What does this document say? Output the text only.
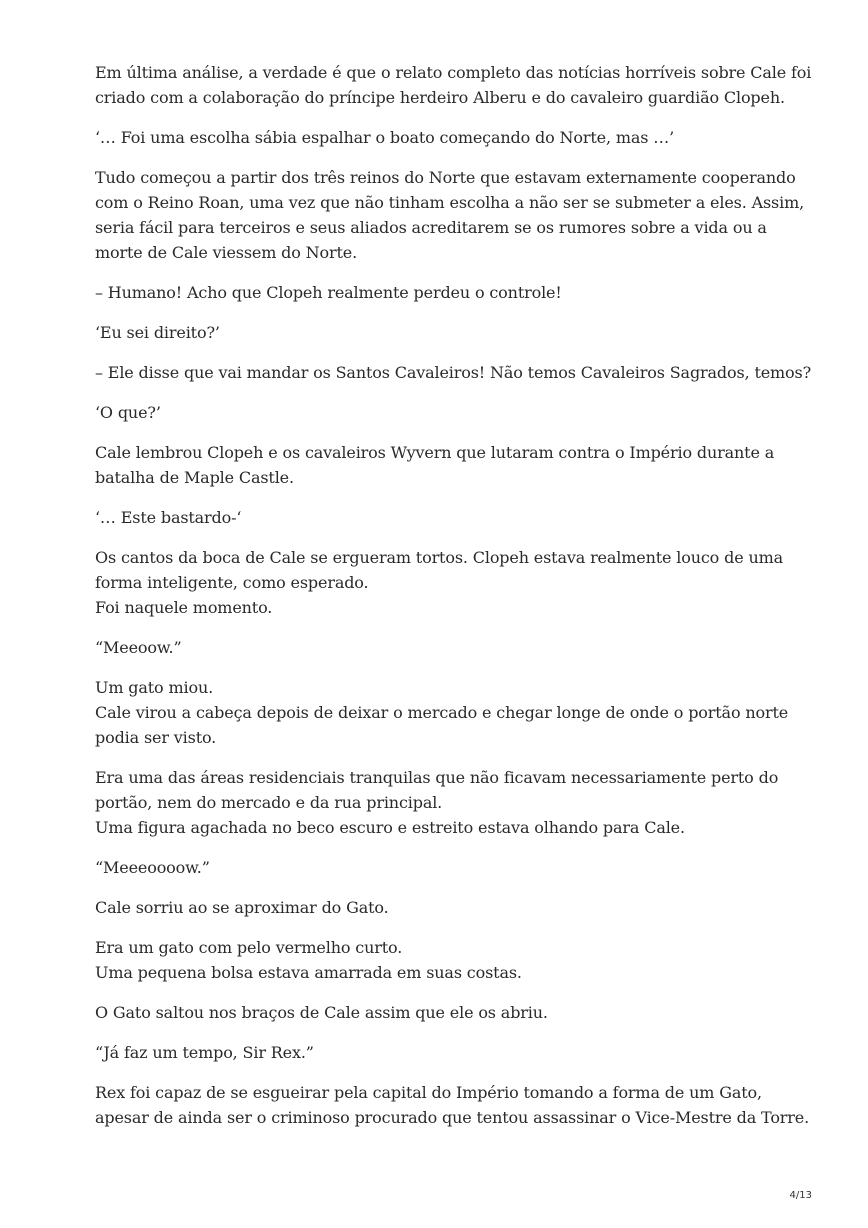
Em última análise, a verdade é que o relato completo das notícias horríveis sobre Cale foi
criado com a colaboração do príncipe herdeiro Alberu e do cavaleiro guardião Clopeh.

‘… Foi uma escolha sábia espalhar o boato começando do Norte, mas …’

Tudo começou a partir dos três reinos do Norte que estavam externamente cooperando
com o Reino Roan, uma vez que não tinham escolha a não ser se submeter a eles. Assim,
seria fácil para terceiros e seus aliados acreditarem se os rumores sobre a vida ou a
morte de Cale viessem do Norte.

– Humano! Acho que Clopeh realmente perdeu o controle!

‘Eu sei direito?’

– Ele disse que vai mandar os Santos Cavaleiros! Não temos Cavaleiros Sagrados, temos?

‘O que?’

Cale lembrou Clopeh e os cavaleiros Wyvern que lutaram contra o Império durante a
batalha de Maple Castle.

‘… Este bastardo-‘

Os cantos da boca de Cale se ergueram tortos. Clopeh estava realmente louco de uma
forma inteligente, como esperado.
Foi naquele momento.

“Meeoow.”

Um gato miou.
Cale virou a cabeça depois de deixar o mercado e chegar longe de onde o portão norte
podia ser visto.

Era uma das áreas residenciais tranquilas que não ficavam necessariamente perto do
portão, nem do mercado e da rua principal.
Uma figura agachada no beco escuro e estreito estava olhando para Cale.

“Meeeoooow.”

Cale sorriu ao se aproximar do Gato.

Era um gato com pelo vermelho curto.
Uma pequena bolsa estava amarrada em suas costas.

O Gato saltou nos braços de Cale assim que ele os abriu.

“Já faz um tempo, Sir Rex.”

Rex foi capaz de se esgueirar pela capital do Império tomando a forma de um Gato,
apesar de ainda ser o criminoso procurado que tentou assassinar o Vice-Mestre da Torre.

4/13
